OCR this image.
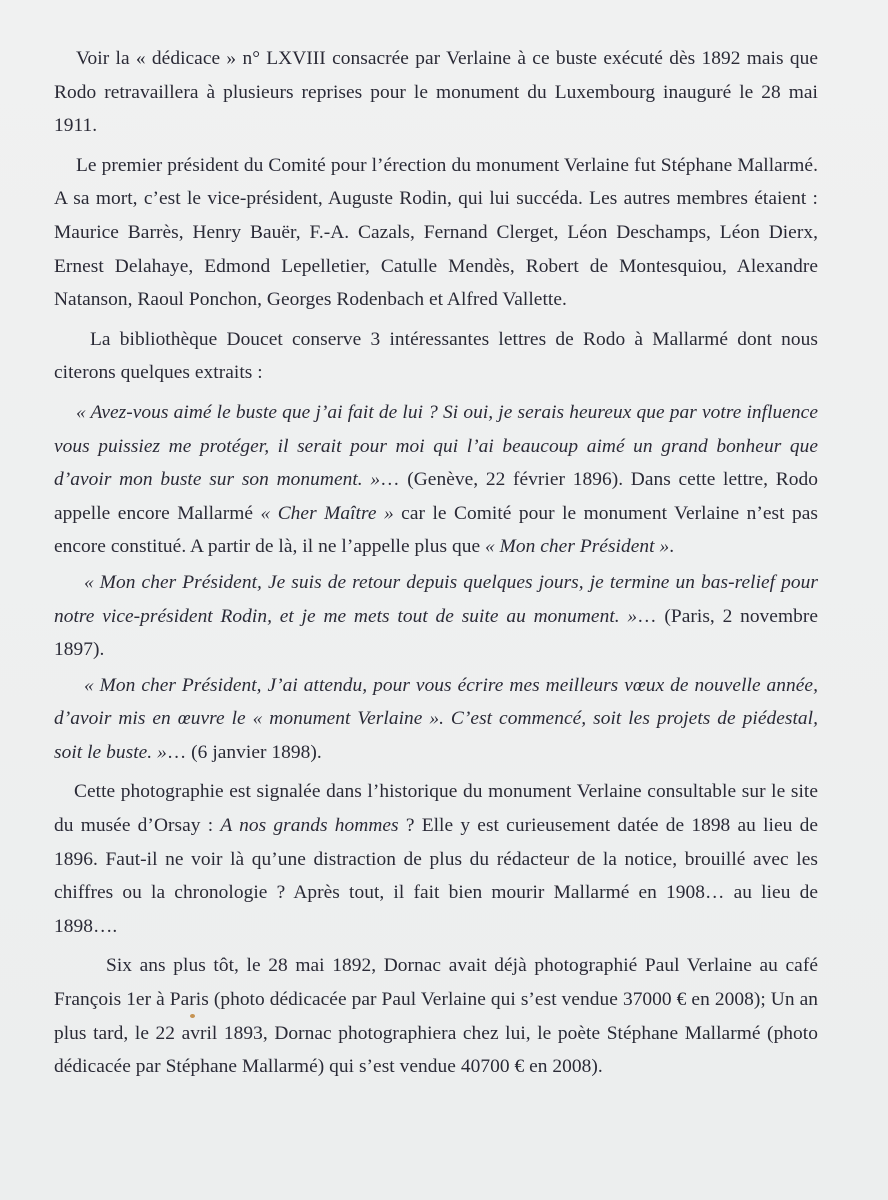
Voir la « dédicace » n° LXVIII consacrée par Verlaine à ce buste exécuté dès 1892 mais que Rodo retravaillera à plusieurs reprises pour le monument du Luxembourg inauguré le 28 mai 1911.

Le premier président du Comité pour l’érection du monument Verlaine fut Stéphane Mallarmé. A sa mort, c’est le vice-président, Auguste Rodin, qui lui succéda. Les autres membres étaient : Maurice Barrès, Henry Bauër, F.-A. Cazals, Fernand Clerget, Léon Deschamps, Léon Dierx, Ernest Delahaye, Edmond Lepelletier, Catulle Mendès, Robert de Montesquiou, Alexandre Natanson, Raoul Ponchon, Georges Rodenbach et Alfred Vallette.

La bibliothèque Doucet conserve 3 intéressantes lettres de Rodo à Mallarmé dont nous citerons quelques extraits :

« Avez-vous aimé le buste que j’ai fait de lui ? Si oui, je serais heureux que par votre influence vous puissiez me protéger, il serait pour moi qui l’ai beaucoup aimé un grand bonheur que d’avoir mon buste sur son monument. »… (Genève, 22 février 1896). Dans cette lettre, Rodo appelle encore Mallarmé « Cher Maître » car le Comité pour le monument Verlaine n’est pas encore constitué. A partir de là, il ne l’appelle plus que « Mon cher Président ».

« Mon cher Président, Je suis de retour depuis quelques jours, je termine un bas-relief pour notre vice-président Rodin, et je me mets tout de suite au monument. »… (Paris, 2 novembre 1897).

« Mon cher Président, J’ai attendu, pour vous écrire mes meilleurs vœux de nouvelle année, d’avoir mis en œuvre le « monument Verlaine ». C’est commencé, soit les projets de piédestal, soit le buste. »… (6 janvier 1898).

Cette photographie est signalée dans l’historique du monument Verlaine consultable sur le site du musée d’Orsay : A nos grands hommes ? Elle y est curieusement datée de 1898 au lieu de 1896. Faut-il ne voir là qu’une distraction de plus du rédacteur de la notice, brouillé avec les chiffres ou la chronologie ? Après tout, il fait bien mourir Mallarmé en 1908… au lieu de 1898….

Six ans plus tôt, le 28 mai 1892, Dornac avait déjà photographié Paul Verlaine au café François 1er à Paris (photo dédicacée par Paul Verlaine qui s’est vendue 37000 € en 2008); Un an plus tard, le 22 avril 1893, Dornac photographiera chez lui, le poète Stéphane Mallarmé (photo dédicacée par Stéphane Mallarmé) qui s’est vendue 40700 € en 2008).
